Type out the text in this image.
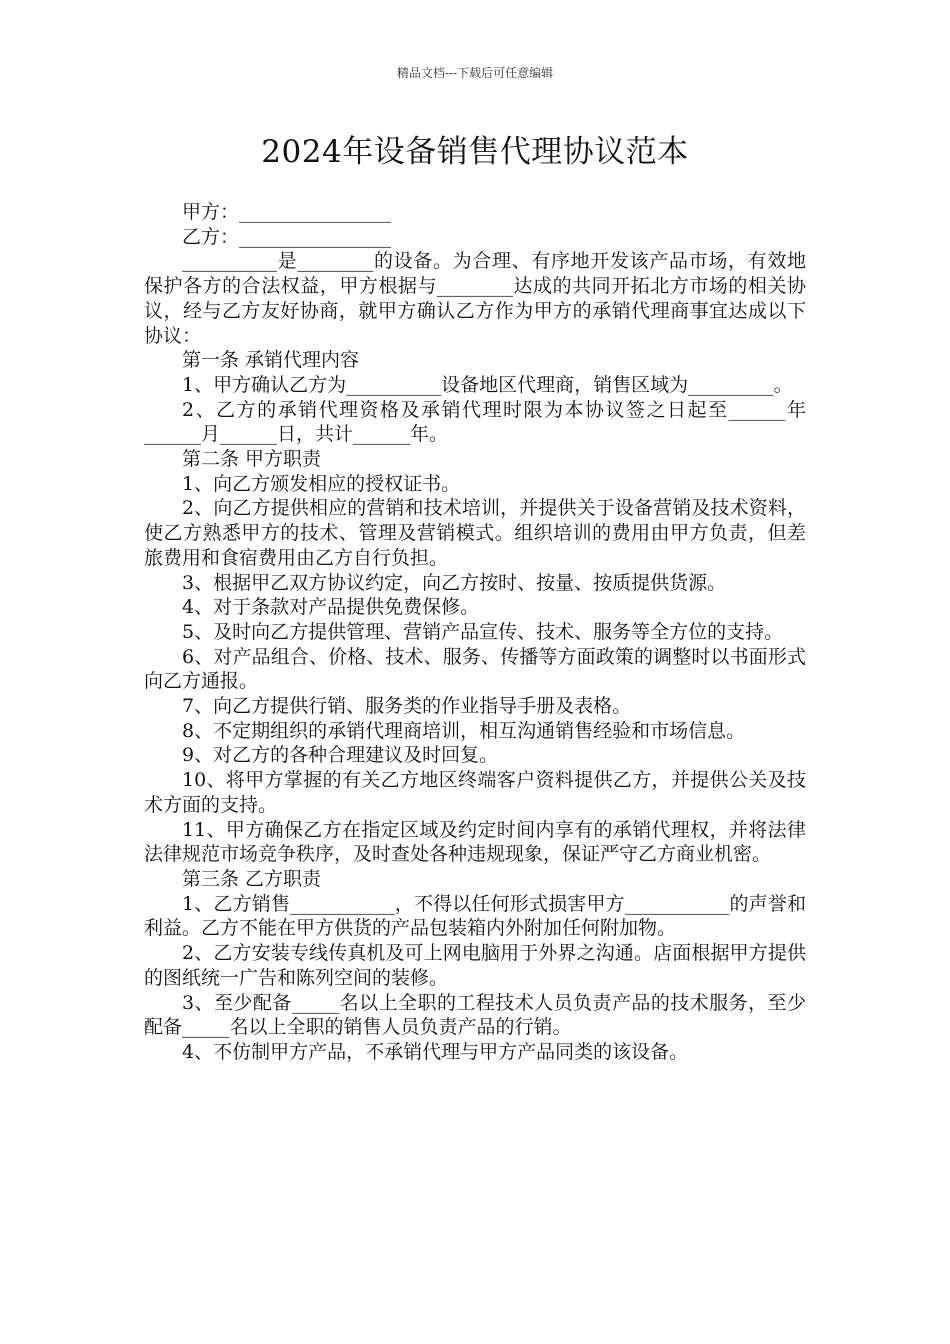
精品文档---下载后可任意编辑
2024年设备销售代理协议范本

甲方：________________

乙方：________________

__________是________的设备。为合理、有序地开发该产品市场，有效地保护各方的合法权益，甲方根据与________达成的共同开拓北方市场的相关协议，经与乙方友好协商，就甲方确认乙方作为甲方的承销代理商事宜达成以下协议：

第一条 承销代理内容

1、甲方确认乙方为__________设备地区代理商，销售区域为_________。

2、乙方的承销代理资格及承销代理时限为本协议签之日起至______年______月______日，共计______年。

第二条 甲方职责

1、向乙方颁发相应的授权证书。

2、向乙方提供相应的营销和技术培训，并提供关于设备营销及技术资料，使乙方熟悉甲方的技术、管理及营销模式。组织培训的费用由甲方负责，但差旅费用和食宿费用由乙方自行负担。

3、根据甲乙双方协议约定，向乙方按时、按量、按质提供货源。

4、对于条款对产品提供免费保修。

5、及时向乙方提供管理、营销产品宣传、技术、服务等全方位的支持。

6、对产品组合、价格、技术、服务、传播等方面政策的调整时以书面形式向乙方通报。

7、向乙方提供行销、服务类的作业指导手册及表格。

8、不定期组织的承销代理商培训，相互沟通销售经验和市场信息。

9、对乙方的各种合理建议及时回复。

10、将甲方掌握的有关乙方地区终端客户资料提供乙方，并提供公关及技术方面的支持。

11、甲方确保乙方在指定区域及约定时间内享有的承销代理权，并将法律法律规范市场竞争秩序，及时查处各种违规现象，保证严守乙方商业机密。

第三条 乙方职责

1、乙方销售___________，不得以任何形式损害甲方___________的声誉和利益。乙方不能在甲方供货的产品包装箱内外附加任何附加物。

2、乙方安装专线传真机及可上网电脑用于外界之沟通。店面根据甲方提供的图纸统一广告和陈列空间的装修。

3、至少配备_____名以上全职的工程技术人员负责产品的技术服务，至少配备_____名以上全职的销售人员负责产品的行销。

4、不仿制甲方产品，不承销代理与甲方产品同类的该设备。
